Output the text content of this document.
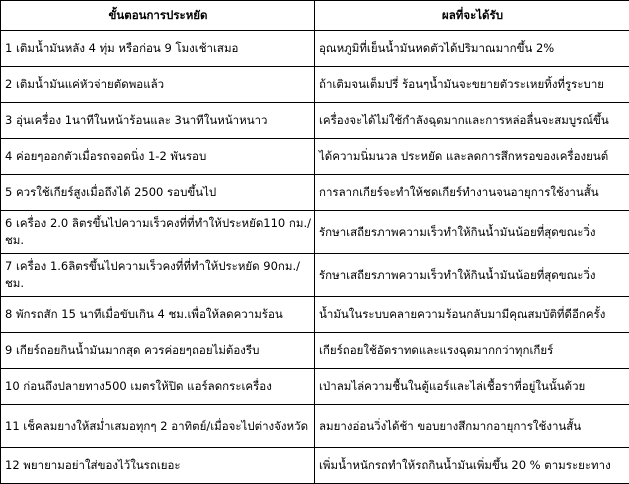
ขั้นตอนการประหยัด	ผลที่จะได้รับ
1 เติมน้ำมันหลัง 4 ทุ่ม หรือก่อน 9 โมงเช้าเสมอ	อุณหภูมิที่เย็นน้ำมันหดตัวได้ปริมาณมากขึ้น 2%
2 เติมน้ำมันแค่หัวจ่ายตัดพอแล้ว	ถ้าเติมจนเต็มปรี่ ร้อนๆน้ำมันจะขยายตัวระเหยทิ้งที่รูระบาย
3 อุ่นเครื่อง 1นาทีในหน้าร้อนและ 3นาทีในหน้าหนาว	เครื่องจะได้ไม่ใช้กำลังฉุดมากและการหล่อลื่นจะสมบูรณ์ขึ้น
4 ค่อยๆออกตัวเมื่อรถจอดนิ่ง 1-2 พันรอบ	ได้ความนิ่มนวล ประหยัด และลดการสึกหรอของเครื่องยนต์
5 ควรใช้เกียร์สูงเมื่อถึงได้ 2500 รอบขึ้นไป	การลากเกียร์จะทำให้ชดเกียร์ทำงานจนอายุการใช้งานสั้น
6 เครื่อง 2.0 ลิตรขึ้นไปความเร็วคงที่ที่ทำให้ประหยัด110 กม./ชม.	รักษาเสถียรภาพความเร็วทำให้กินน้ำมันน้อยที่สุดขณะวิ่ง
7 เครื่อง 1.6ลิตรขึ้นไปความเร็วคงที่ที่ทำให้ประหยัด 90กม./ชม.	รักษาเสถียรภาพความเร็วทำให้กินน้ำมันน้อยที่สุดขณะวิ่ง
8 พักรถสัก 15 นาทีเมื่อขับเกิน 4 ชม.เพื่อให้ลดความร้อน	น้ำมันในระบบคลายความร้อนกลับมามีคุณสมบัติที่ดีอีกครั้ง
9 เกียร์ถอยกินน้ำมันมากสุด ควรค่อยๆถอยไม่ต้องรีบ	เกียร์ถอยใช้อัตราทดและแรงฉุดมากกว่าทุกเกียร์
10 ก่อนถึงปลายทาง500 เมตรให้ปิด แอร์ลดกระเครื่อง	เป่าลมไล่ความชื้นในตู้แอร์และไล่เชื้อราที่อยู่ในนั้นด้วย
11 เช็คลมยางให้สม่ำเสมอทุกๆ 2 อาทิตย์/เมื่อจะไปต่างจังหวัด	ลมยางอ่อนวิ่งได้ช้า ขอบยางสึกมากอายุการใช้งานสั้น
12 พยายามอย่าใส่ของไว้ในรถเยอะ	เพิ่มน้ำหนักรถทำให้รถกินน้ำมันเพิ่มขึ้น 20 % ตามระยะทาง
